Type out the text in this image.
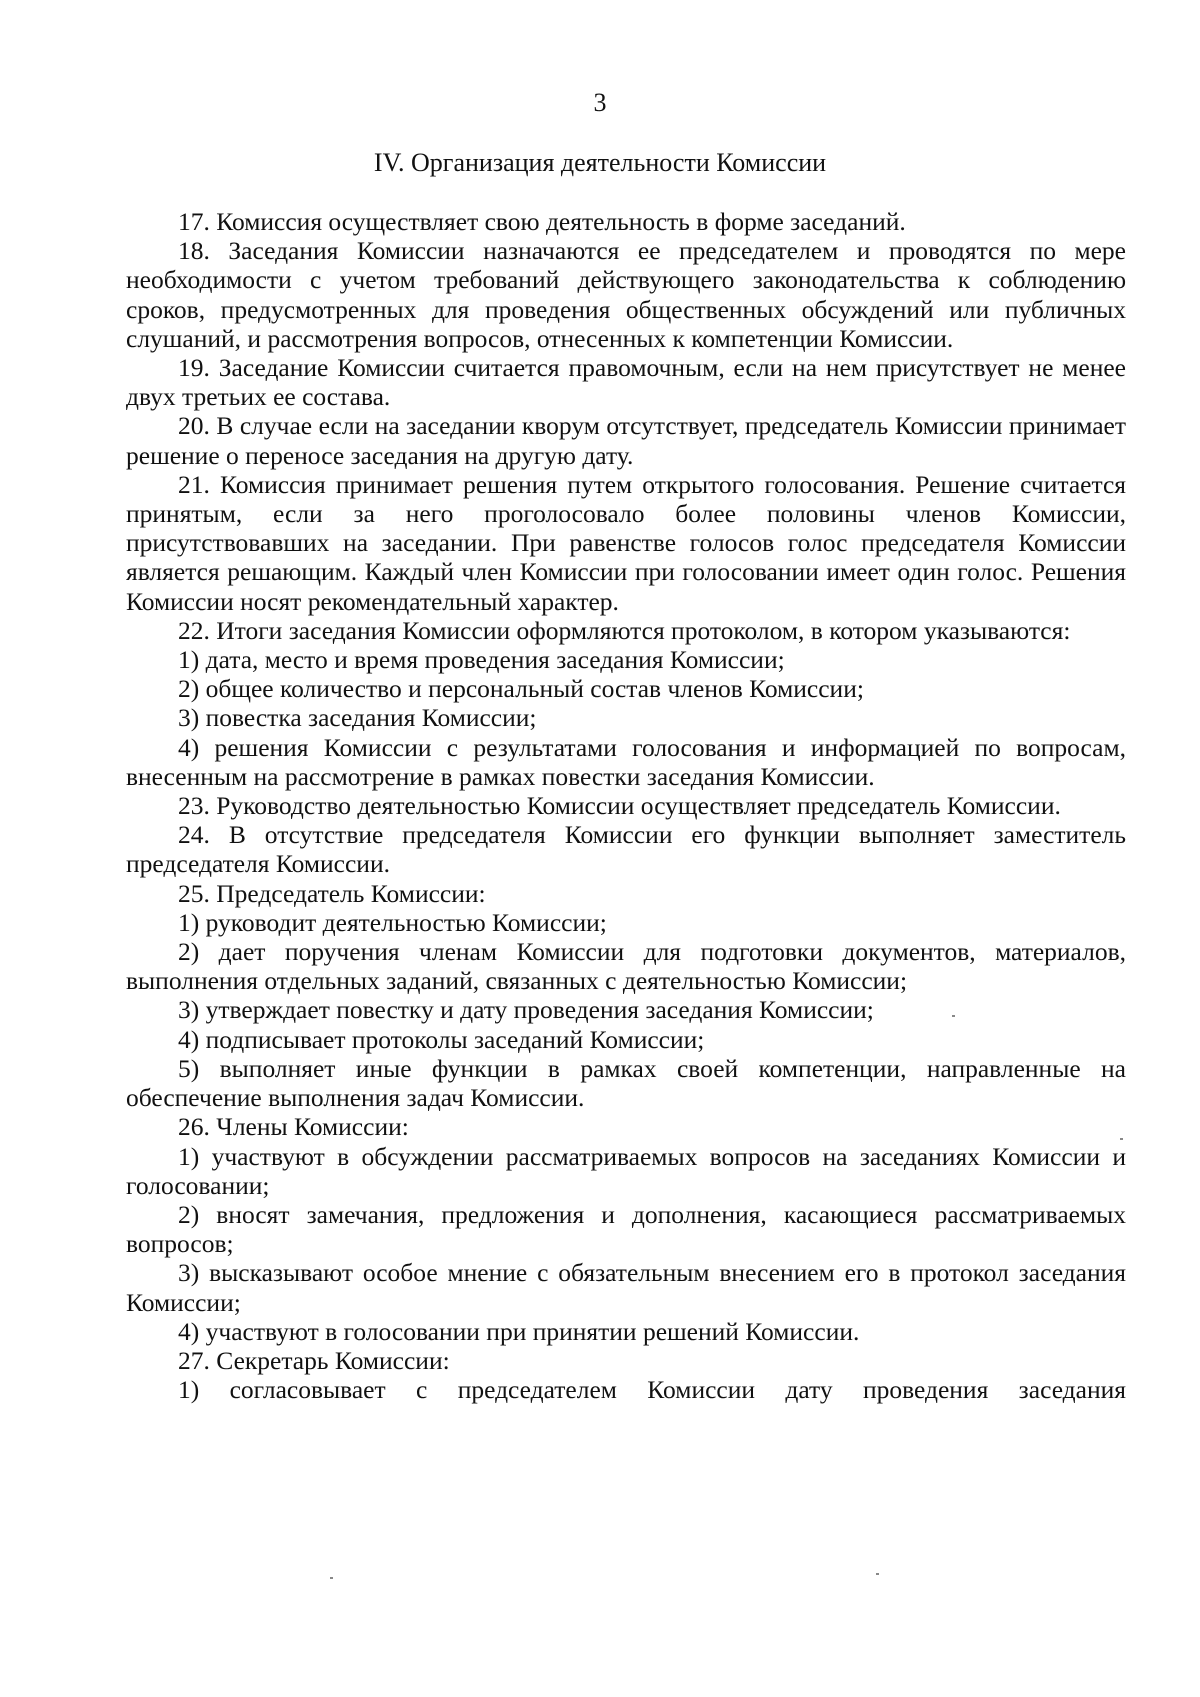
3
IV. Организация деятельности Комиссии

17. Комиссия осуществляет свою деятельность в форме заседаний.

18. Заседания Комиссии назначаются ее председателем и проводятся по мере необходимости с учетом требований действующего законодательства к соблюдению сроков, предусмотренных для проведения общественных обсуждений или публичных слушаний, и рассмотрения вопросов, отнесенных к компетенции Комиссии.

19. Заседание Комиссии считается правомочным, если на нем присутствует не менее двух третьих ее состава.

20. В случае если на заседании кворум отсутствует, председатель Комиссии принимает решение о переносе заседания на другую дату.

21. Комиссия принимает решения путем открытого голосования. Решение считается принятым, если за него проголосовало более половины членов Комиссии, присутствовавших на заседании. При равенстве голосов голос председателя Комиссии является решающим. Каждый член Комиссии при голосовании имеет один голос. Решения Комиссии носят рекомендательный характер.

22. Итоги заседания Комиссии оформляются протоколом, в котором указываются:

1) дата, место и время проведения заседания Комиссии;

2) общее количество и персональный состав членов Комиссии;

3) повестка заседания Комиссии;

4) решения Комиссии с результатами голосования и информацией по вопросам, внесенным на рассмотрение в рамках повестки заседания Комиссии.

23. Руководство деятельностью Комиссии осуществляет председатель Комиссии.

24. В отсутствие председателя Комиссии его функции выполняет заместитель председателя Комиссии.

25. Председатель Комиссии:

1) руководит деятельностью Комиссии;

2) дает поручения членам Комиссии для подготовки документов, материалов, выполнения отдельных заданий, связанных с деятельностью Комиссии;

3) утверждает повестку и дату проведения заседания Комиссии;

4) подписывает протоколы заседаний Комиссии;

5) выполняет иные функции в рамках своей компетенции, направленные на обеспечение выполнения задач Комиссии.

26. Члены Комиссии:

1) участвуют в обсуждении рассматриваемых вопросов на заседаниях Комиссии и голосовании;

2) вносят замечания, предложения и дополнения, касающиеся рассматриваемых вопросов;

3) высказывают особое мнение с обязательным внесением его в протокол заседания Комиссии;

4) участвуют в голосовании при принятии решений Комиссии.

27. Секретарь Комиссии:

1) согласовывает с председателем Комиссии дату проведения заседания
